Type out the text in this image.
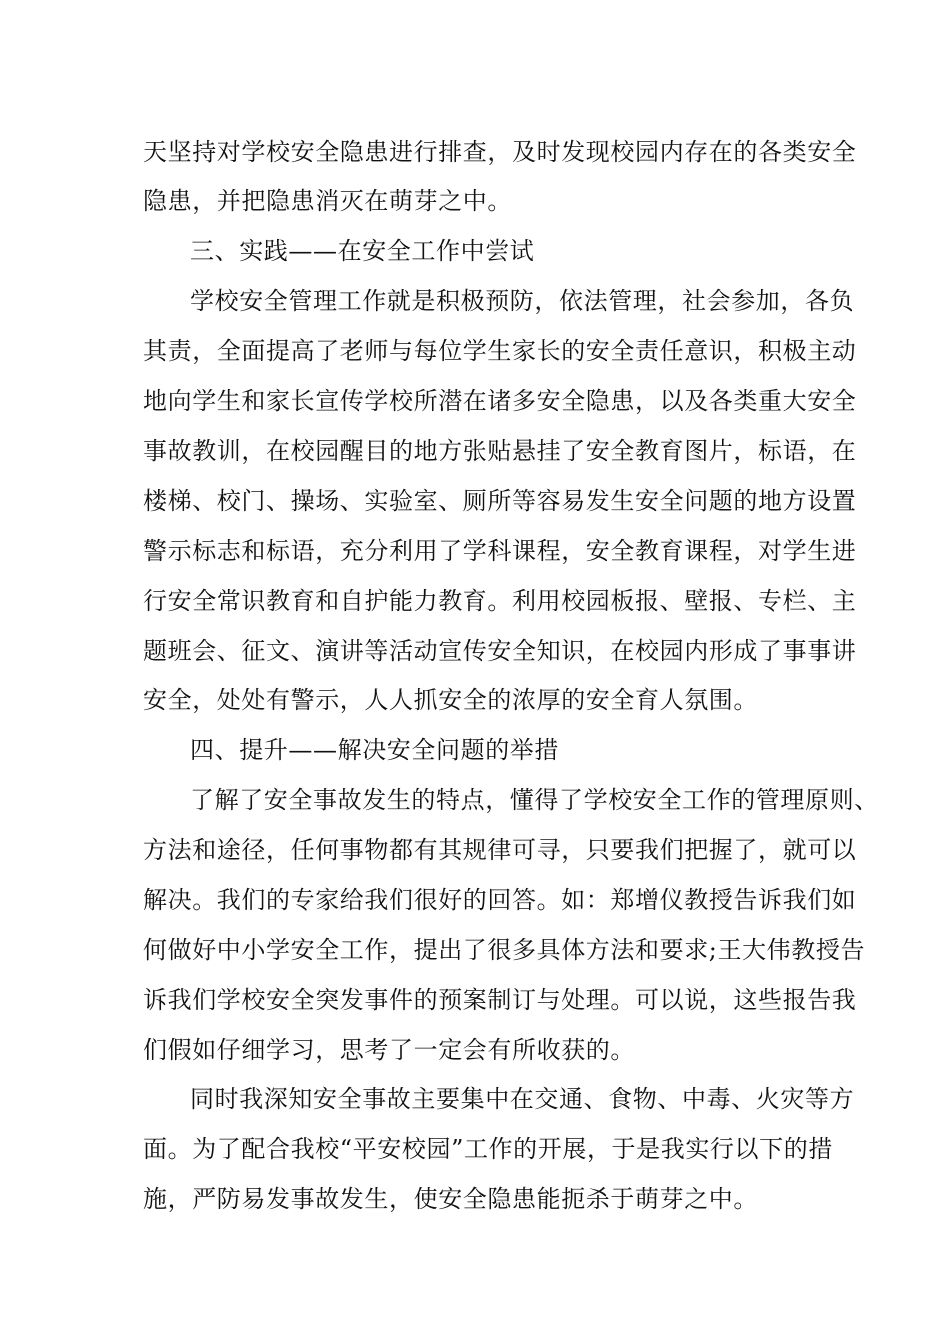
天坚持对学校安全隐患进行排查，及时发现校园内存在的各类安全
隐患，并把隐患消灭在萌芽之中。
三、实践——在安全工作中尝试
学校安全管理工作就是积极预防，依法管理，社会参加，各负
其责，全面提高了老师与每位学生家长的安全责任意识，积极主动
地向学生和家长宣传学校所潜在诸多安全隐患，以及各类重大安全
事故教训，在校园醒目的地方张贴悬挂了安全教育图片，标语，在
楼梯、校门、操场、实验室、厕所等容易发生安全问题的地方设置
警示标志和标语，充分利用了学科课程，安全教育课程，对学生进
行安全常识教育和自护能力教育。利用校园板报、壁报、专栏、主
题班会、征文、演讲等活动宣传安全知识，在校园内形成了事事讲
安全，处处有警示，人人抓安全的浓厚的安全育人氛围。
四、提升——解决安全问题的举措
了解了安全事故发生的特点，懂得了学校安全工作的管理原则、
方法和途径，任何事物都有其规律可寻，只要我们把握了，就可以
解决。我们的专家给我们很好的回答。如：郑增仪教授告诉我们如
何做好中小学安全工作，提出了很多具体方法和要求;王大伟教授告
诉我们学校安全突发事件的预案制订与处理。可以说，这些报告我
们假如仔细学习，思考了一定会有所收获的。
同时我深知安全事故主要集中在交通、食物、中毒、火灾等方
面。为了配合我校“平安校园”工作的开展，于是我实行以下的措
施，严防易发事故发生，使安全隐患能扼杀于萌芽之中。
